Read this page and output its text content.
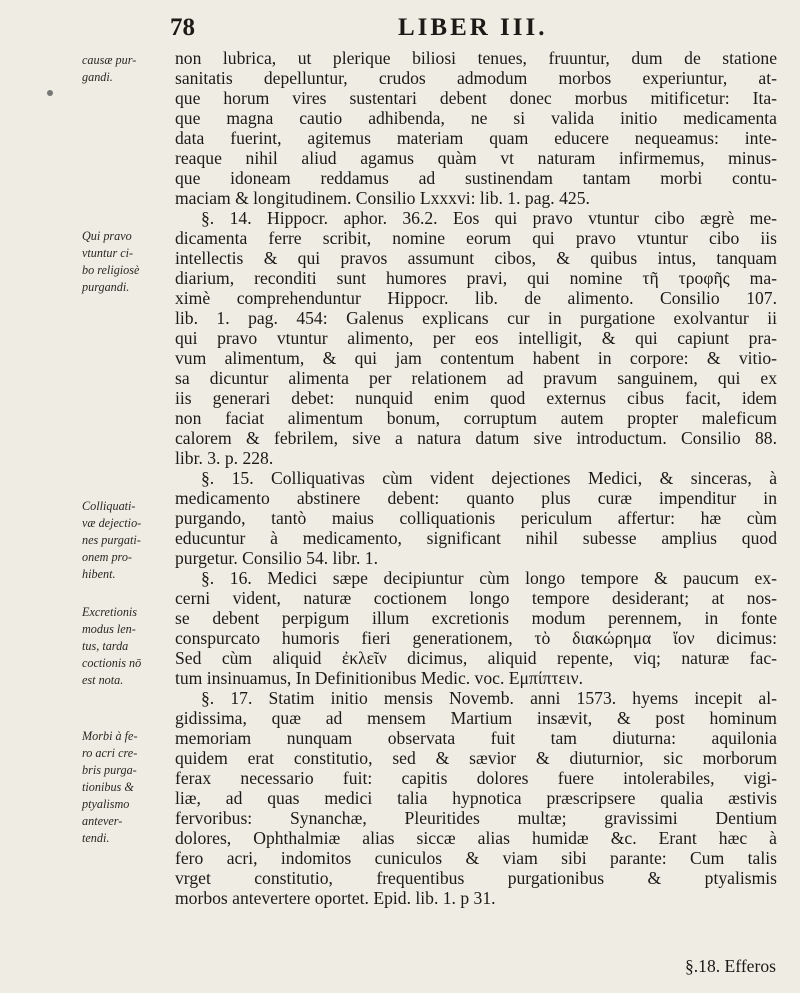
78	LIBER III.
causæ pur-
gandi.
Qui pravo
vtuntur ci-
bo religiosè
purgandi.
Colliquati-
væ dejectio-
nes purgati-
onem pro-
hibent.
Excretionis
modus len-
tus, tarda
coctionis nō
est nota.
Morbi à fe-
ro acri cre-
bris purga-
tionibus &
ptyalismo
antever-
tendi.
non lubrica, ut plerique biliosi tenues, fruuntur, dum de statione
sanitatis depelluntur, crudos admodum morbos experiuntur, at-
que horum vires sustentari debent donec morbus mitificetur: Ita-
que magna cautio adhibenda, ne si valida initio medicamenta
data fuerint, agitemus materiam quam educere nequeamus: inte-
reaque nihil aliud agamus quàm vt naturam infirmemus, minus-
que idoneam reddamus ad sustinendam tantam morbi contu-
maciam & longitudinem. Consilio Lxxxvi: lib. 1. pag. 425.
§. 14. Hippocr. aphor. 36.2. Eos qui pravo vtuntur cibo ægrè me-
dicamenta ferre scribit, nomine eorum qui pravo vtuntur cibo iis
intellectis & qui pravos assumunt cibos, & quibus intus, tanquam
diarium, reconditi sunt humores pravi, qui nomine τῆ τροφῆς ma-
ximè comprehenduntur Hippocr. lib. de alimento. Consilio 107.
lib. 1. pag. 454: Galenus explicans cur in purgatione exolvantur ii
qui pravo vtuntur alimento, per eos intelligit, & qui capiunt pra-
vum alimentum, & qui jam contentum habent in corpore: & vitio-
sa dicuntur alimenta per relationem ad pravum sanguinem, qui ex
iis generari debet: nunquid enim quod externus cibus facit, idem
non faciat alimentum bonum, corruptum autem propter maleficum
calorem & febrilem, sive a natura datum sive introductum. Consilio 88.
libr. 3. p. 228.
§. 15. Colliquativas cùm vident dejectiones Medici, & sinceras, à
medicamento abstinere debent: quanto plus curæ impenditur in
purgando, tantò maius colliquationis periculum affertur: hæ cùm
educuntur à medicamento, significant nihil subesse amplius quod
purgetur. Consilio 54. libr. 1.
§. 16. Medici sæpe decipiuntur cùm longo tempore & paucum ex-
cerni vident, naturæ coctionem longo tempore desiderant; at nos-
se debent perpigum illum excretionis modum perennem, in fonte
conspurcato humoris fieri generationem, τὸ διακώρημα ἴον dicimus:
Sed cùm aliquid ἐκλεῖν dicimus, aliquid repente, viq; naturæ fac-
tum insinuamus, In Definitionibus Medic. voc. Εμπίπτειν.
§. 17. Statim initio mensis Novemb. anni 1573. hyems incepit al-
gidissima, quæ ad mensem Martium insævit, & post hominum
memoriam nunquam observata fuit tam diuturna: aquilonia
quidem erat constitutio, sed & sævior & diuturnior, sic morborum
ferax necessario fuit: capitis dolores fuere intolerabiles, vigi-
liæ, ad quas medici talia hypnotica præscripsere qualia æstivis
fervoribus: Synanchæ, Pleuritides multæ; gravissimi Dentium
dolores, Ophthalmiæ alias siccæ alias humidæ &c. Erant hæc à
fero acri, indomitos cuniculos & viam sibi parante: Cum talis
vrget constitutio, frequentibus purgationibus & ptyalismis
morbos antevertere oportet. Epid. lib. 1. p 31.
§.18. Efferos
